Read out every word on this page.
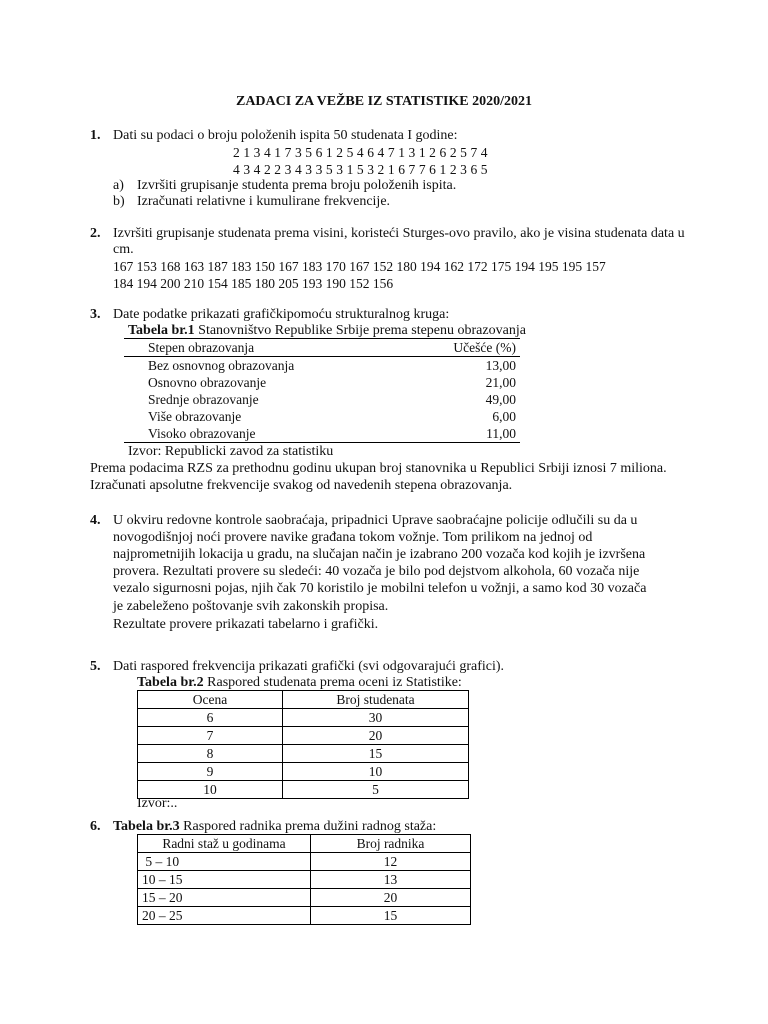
ZADACI ZA VEŽBE IZ STATISTIKE 2020/2021
1. Dati su podaci o broju položenih ispita 50 studenata I godine:
2 1 3 4 1 7 3 5 6 1 2 5 4 6 4 7 1 3 1 2 6 2 5 7 4
4 3 4 2 2 3 4 3 3 5 3 1 5 3 2 1 6 7 7 6 1 2 3 6 5
a) Izvršiti grupisanje studenta prema broju položenih ispita.
b) Izračunati relativne i kumulirane frekvencije.
2. Izvršiti grupisanje studenata prema visini, koristeći Sturges-ovo pravilo, ako je visina studenata data u
cm.
167 153 168 163 187 183 150 167 183 170 167 152 180 194 162 172 175 194 195 195 157
184 194 200 210 154 185 180 205 193 190 152 156
3. Date podatke prikazati grafičkipomoću strukturalnog kruga:
Tabela br.1 Stanovništvo Republike Srbije prema stepenu obrazovanja
Stepen obrazovanja	Učešće (%)
Bez osnovnog obrazovanja	13,00
Osnovno obrazovanje	21,00
Srednje obrazovanje	49,00
Više obrazovanje	6,00
Visoko obrazovanje	11,00
Izvor: Republicki zavod za statistiku
Prema podacima RZS za prethodnu godinu ukupan broj stanovnika u Republici Srbiji iznosi 7 miliona.
Izračunati apsolutne frekvencije svakog od navedenih stepena obrazovanja.
4. U okviru redovne kontrole saobraćaja, pripadnici Uprave saobraćajne policije odlučili su da u
novogodišnjoj noći provere navike građana tokom vožnje. Tom prilikom na jednoj od
najprometnijih lokacija u gradu, na slučajan način je izabrano 200 vozača kod kojih je izvršena
provera. Rezultati provere su sledeći: 40 vozača je bilo pod dejstvom alkohola, 60 vozača nije
vezalo sigurnosni pojas, njih čak 70 koristilo je mobilni telefon u vožnji, a samo kod 30 vozača
je zabeleženo poštovanje svih zakonskih propisa.
Rezultate provere prikazati tabelarno i grafički.
5. Dati raspored frekvencija prikazati grafički (svi odgovarajući grafici).
Tabela br.2 Raspored studenata prema oceni iz Statistike:
Ocena	Broj studenata
6	30
7	20
8	15
9	10
10	5
Izvor:..
6. Tabela br.3 Raspored radnika prema dužini radnog staža:
Radni staž u godinama	Broj radnika
5 – 10	12
10 – 15	13
15 – 20	20
20 – 25	15
